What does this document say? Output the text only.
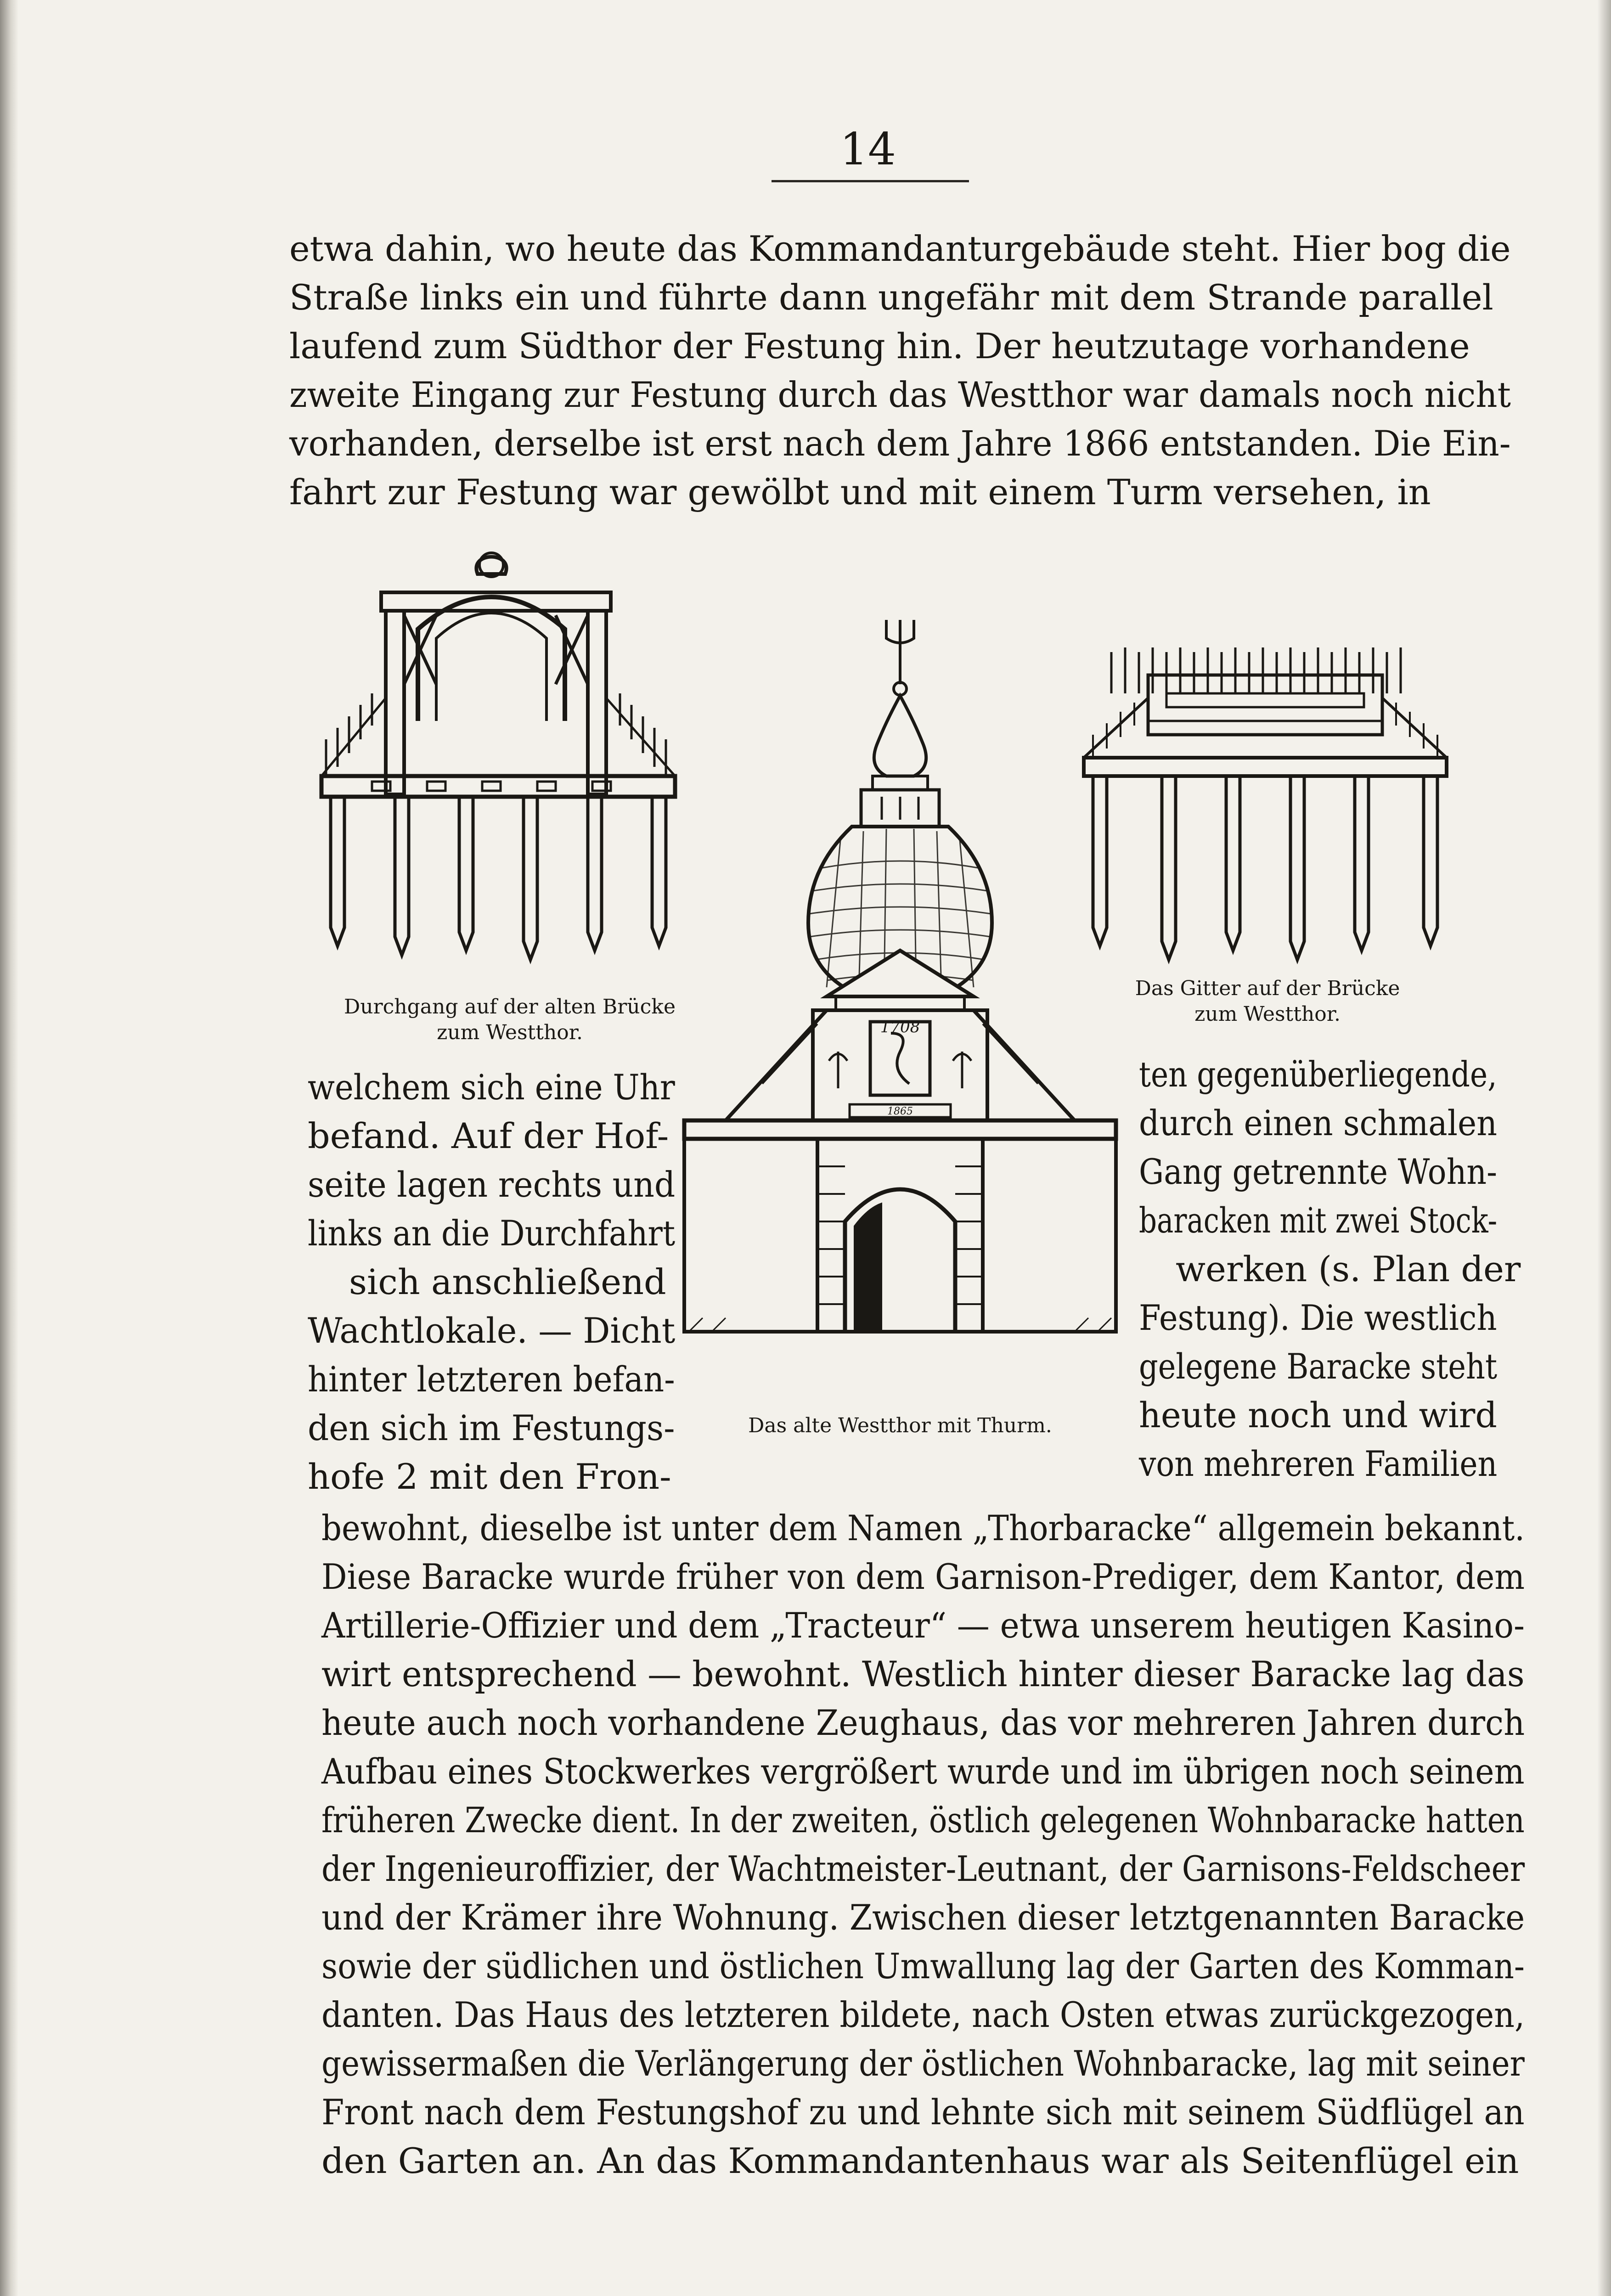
14
etwa dahin, wo heute das Kommandanturgebäude steht. Hier bog die
Straße links ein und führte dann ungefähr mit dem Strande parallel
laufend zum Südthor der Festung hin. Der heutzutage vorhandene
zweite Eingang zur Festung durch das Westthor war damals noch nicht
vorhanden, derselbe ist erst nach dem Jahre 1866 entstanden. Die Ein-
fahrt zur Festung war gewölbt und mit einem Turm versehen, in
Durchgang auf der alten Brücke
zum Westthor.
Das Gitter auf der Brücke
zum Westthor.
1708
1865
Das alte Westthor mit Thurm.
welchem sich eine Uhr
befand. Auf der Hof-
seite lagen rechts und
links an die Durchfahrt
sich anschließend
Wachtlokale. — Dicht
hinter letzteren befan-
den sich im Festungs-
hofe 2 mit den Fron-
ten gegenüberliegende,
durch einen schmalen
Gang getrennte Wohn-
baracken mit zwei Stock-
werken (s. Plan der
Festung). Die westlich
gelegene Baracke steht
heute noch und wird
von mehreren Familien
bewohnt, dieselbe ist unter dem Namen „Thorbaracke“ allgemein bekannt.
Diese Baracke wurde früher von dem Garnison-Prediger, dem Kantor, dem
Artillerie-Offizier und dem „Tracteur“ — etwa unserem heutigen Kasino-
wirt entsprechend — bewohnt. Westlich hinter dieser Baracke lag das
heute auch noch vorhandene Zeughaus, das vor mehreren Jahren durch
Aufbau eines Stockwerkes vergrößert wurde und im übrigen noch seinem
früheren Zwecke dient. In der zweiten, östlich gelegenen Wohnbaracke hatten
der Ingenieuroffizier, der Wachtmeister-Leutnant, der Garnisons-Feldscheer
und der Krämer ihre Wohnung. Zwischen dieser letztgenannten Baracke
sowie der südlichen und östlichen Umwallung lag der Garten des Komman-
danten. Das Haus des letzteren bildete, nach Osten etwas zurückgezogen,
gewissermaßen die Verlängerung der östlichen Wohnbaracke, lag mit seiner
Front nach dem Festungshof zu und lehnte sich mit seinem Südflügel an
den Garten an. An das Kommandantenhaus war als Seitenflügel ein
